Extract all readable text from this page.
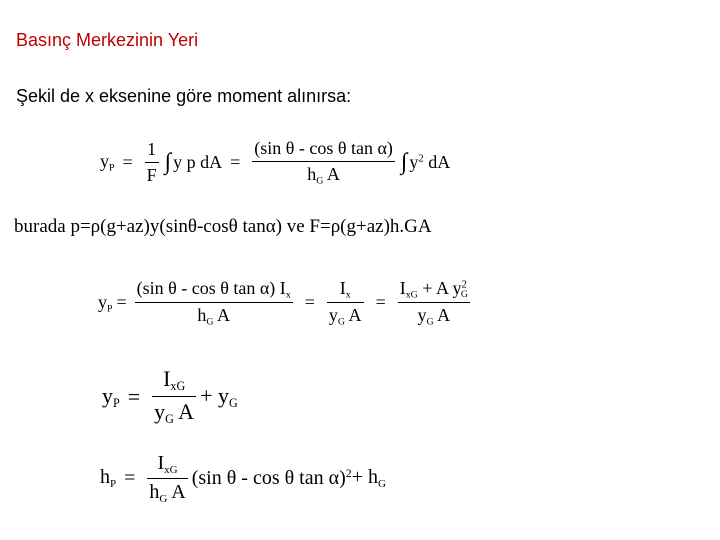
Basınç Merkezinin Yeri
Şekil de x eksenine göre moment alınırsa:
$y_P = \frac{1}{F}$ ∫ y p dA = $\frac{\text{(sin θ - cos θ tan α)}}{h_G A}$ ∫ $y^2$ dA
burada p=ρ(g+az)y(sinθ-cosθ tanα) ve F=ρ(g+az)h.GA
$y_P = \frac{(\sin \theta - \cos \theta \tan \alpha) I_x}{h_G A} = \frac{I_x}{y_G A} = \frac{I_{xG} + A y^2_G}{y_G A}$
$y_P = \frac{I_{xG}}{y_G A} + y_G$
$h_P = \frac{I_{xG}}{h_G A} (\sin$ θ - cos θ $\tan \alpha)^2 + h_G$
